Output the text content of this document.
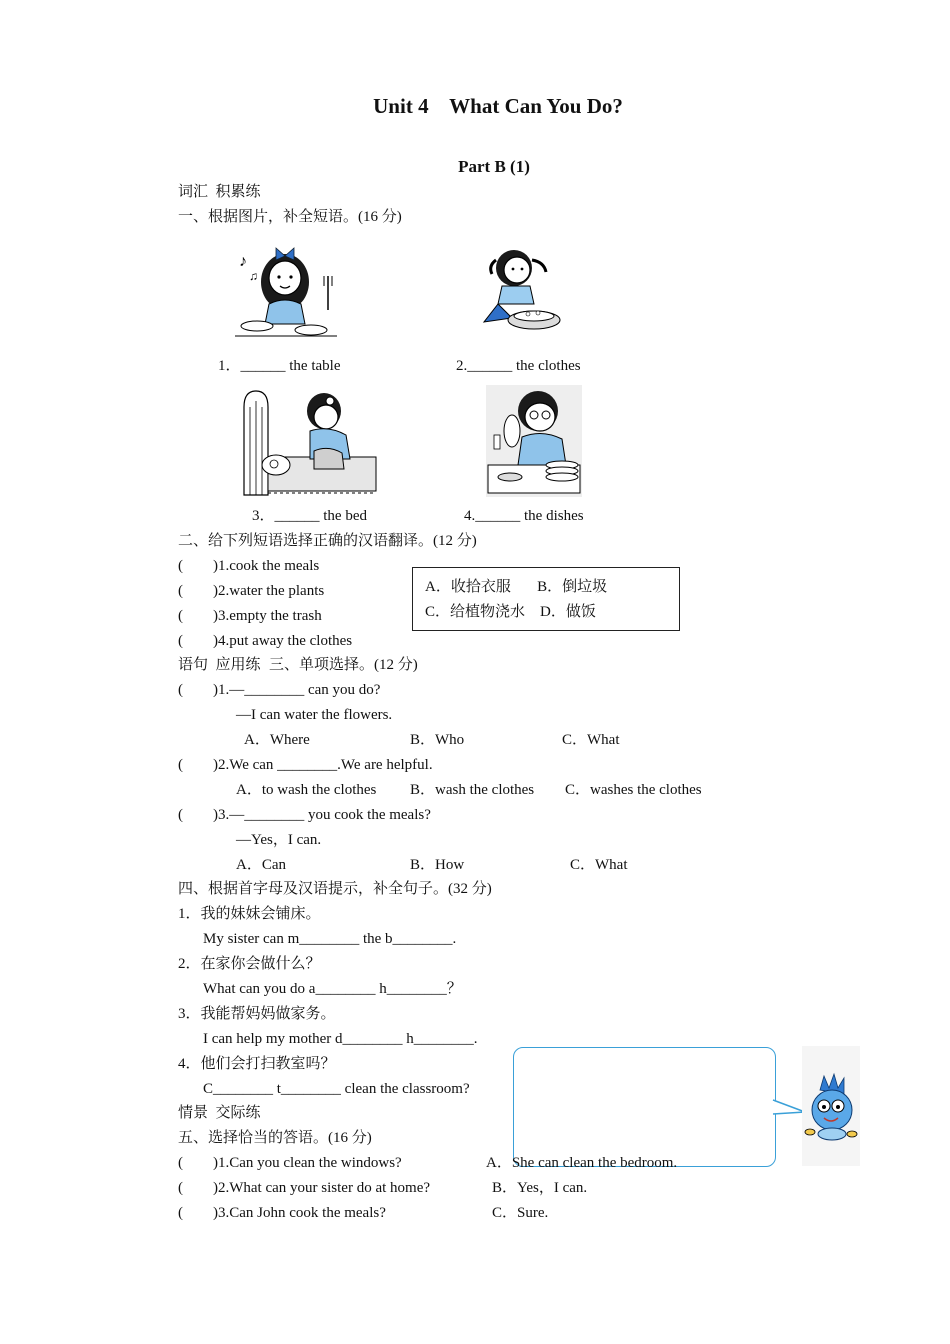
Unit 4    What Can You Do?
Part B (1)
词汇  积累练
一、根据图片，补全短语。(16 分)
♪
♫
1．______ the table	2.______ the clothes
3．______ the bed	4.______ the dishes
二、给下列短语选择正确的汉语翻译。(12 分)
(        )1.cook the meals
(        )2.water the plants
(        )3.empty the trash
(        )4.put away the clothes
A．收拾衣服       B．倒垃圾
C．给植物浇水    D．做饭
语句  应用练 三、单项选择。(12 分)
(        )1.—________ can you do?
—I can water the flowers.
A．Where	B．Who	C．What
(        )2.We can ________.We are helpful.
A．to wash the clothes B．wash the clothes C．washes the clothes
(        )3.—________ you cook the meals?
—Yes，I can.
A．Can	B．How	C．What
四、根据首字母及汉语提示，补全句子。(32 分)
1．我的妹妹会铺床。
My sister can m________ the b________.
2．在家你会做什么？
What can you do a________ h________？
3．我能帮妈妈做家务。
I can help my mother d________ h________.
4．他们会打扫教室吗？
C________ t________ clean the classroom?
情景  交际练
五、选择恰当的答语。(16 分)
(        )1.Can you clean the windows?	A．She can clean the bedroom.
(        )2.What can your sister do at home?	B．Yes，I can.
(        )3.Can John cook the meals?	C．Sure.
